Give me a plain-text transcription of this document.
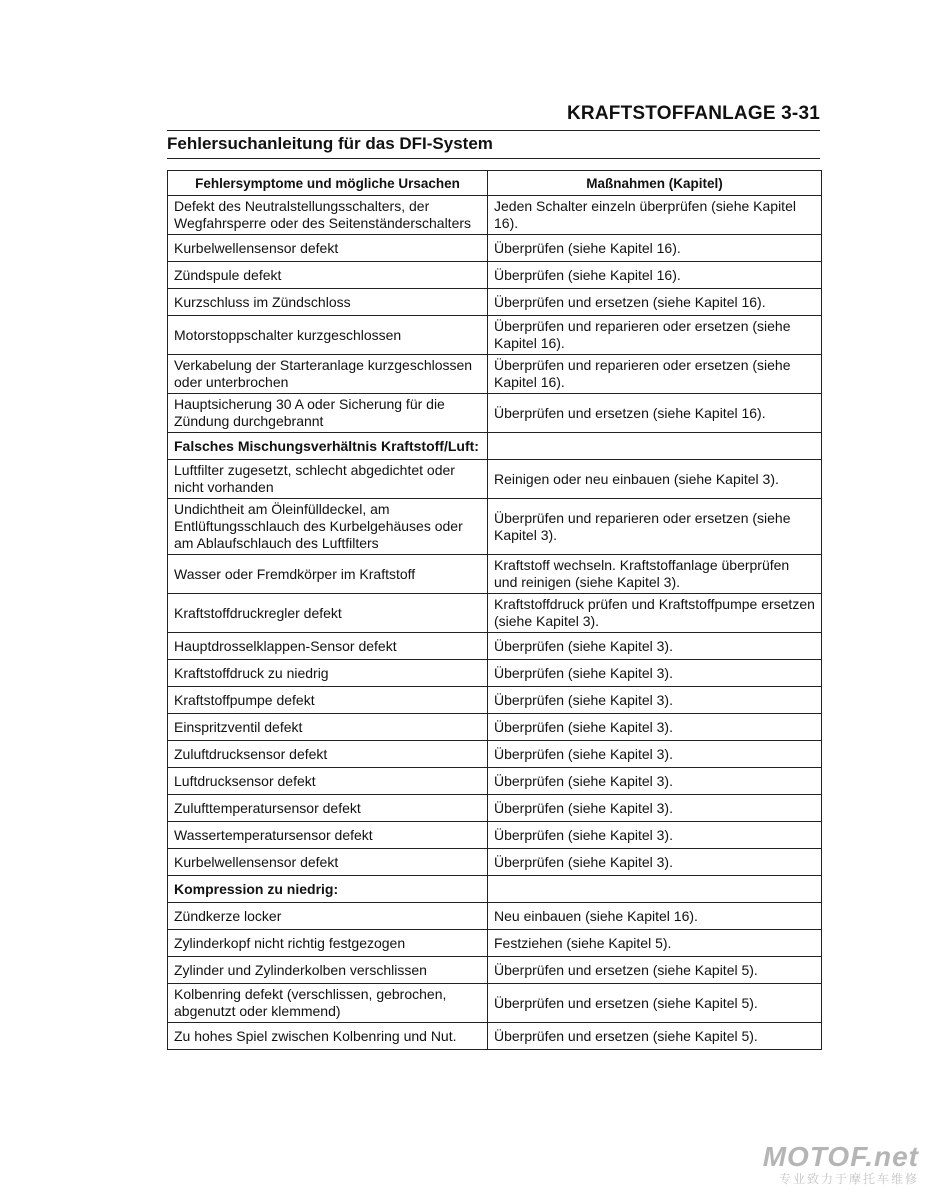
KRAFTSTOFFANLAGE 3-31
Fehlersuchanleitung für das DFI-System
Fehlersymptome und mögliche Ursachen	Maßnahmen (Kapitel)
Defekt des Neutralstellungsschalters, der Wegfahrsperre oder des Seitenständerschalters	Jeden Schalter einzeln überprüfen (siehe Kapitel 16).
Kurbelwellensensor defekt	Überprüfen (siehe Kapitel 16).
Zündspule defekt	Überprüfen (siehe Kapitel 16).
Kurzschluss im Zündschloss	Überprüfen und ersetzen (siehe Kapitel 16).
Motorstoppschalter kurzgeschlossen	Überprüfen und reparieren oder ersetzen (siehe Kapitel 16).
Verkabelung der Starteranlage kurzgeschlossen oder unterbrochen	Überprüfen und reparieren oder ersetzen (siehe Kapitel 16).
Hauptsicherung 30 A oder Sicherung für die Zündung durchgebrannt	Überprüfen und ersetzen (siehe Kapitel 16).
Falsches Mischungsverhältnis Kraftstoff/Luft:	
Luftfilter zugesetzt, schlecht abgedichtet oder nicht vorhanden	Reinigen oder neu einbauen (siehe Kapitel 3).
Undichtheit am Öleinfülldeckel, am Entlüftungsschlauch des Kurbelgehäuses oder am Ablaufschlauch des Luftfilters	Überprüfen und reparieren oder ersetzen (siehe Kapitel 3).
Wasser oder Fremdkörper im Kraftstoff	Kraftstoff wechseln. Kraftstoffanlage überprüfen und reinigen (siehe Kapitel 3).
Kraftstoffdruckregler defekt	Kraftstoffdruck prüfen und Kraftstoffpumpe ersetzen (siehe Kapitel 3).
Hauptdrosselklappen-Sensor defekt	Überprüfen (siehe Kapitel 3).
Kraftstoffdruck zu niedrig	Überprüfen (siehe Kapitel 3).
Kraftstoffpumpe defekt	Überprüfen (siehe Kapitel 3).
Einspritzventil defekt	Überprüfen (siehe Kapitel 3).
Zuluftdrucksensor defekt	Überprüfen (siehe Kapitel 3).
Luftdrucksensor defekt	Überprüfen (siehe Kapitel 3).
Zulufttemperatursensor defekt	Überprüfen (siehe Kapitel 3).
Wassertemperatursensor defekt	Überprüfen (siehe Kapitel 3).
Kurbelwellensensor defekt	Überprüfen (siehe Kapitel 3).
Kompression zu niedrig:	
Zündkerze locker	Neu einbauen (siehe Kapitel 16).
Zylinderkopf nicht richtig festgezogen	Festziehen (siehe Kapitel 5).
Zylinder und Zylinderkolben verschlissen	Überprüfen und ersetzen (siehe Kapitel 5).
Kolbenring defekt (verschlissen, gebrochen, abgenutzt oder klemmend)	Überprüfen und ersetzen (siehe Kapitel 5).
Zu hohes Spiel zwischen Kolbenring und Nut.	Überprüfen und ersetzen (siehe Kapitel 5).
MOTOF.net
专业致力于摩托车维修
